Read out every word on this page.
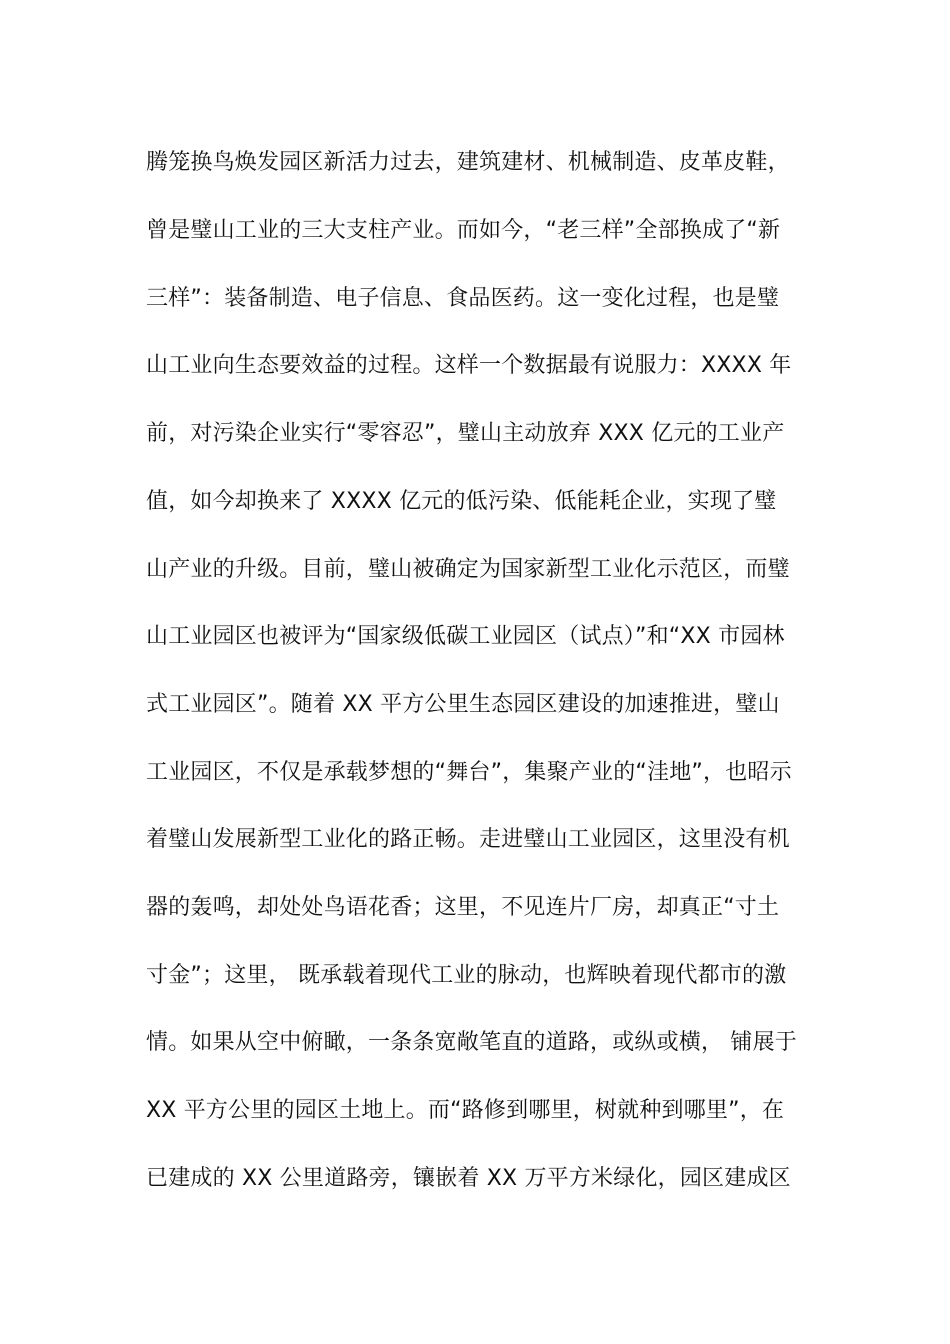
腾笼换鸟焕发园区新活力过去，建筑建材、机械制造、皮革皮鞋，
曾是璧山工业的三大支柱产业。而如今，“老三样”全部换成了“新
三样”：装备制造、电子信息、食品医药。这一变化过程，也是璧
山工业向生态要效益的过程。这样一个数据最有说服力：XXXX 年
前，对污染企业实行“零容忍”，璧山主动放弃 XXX 亿元的工业产
值，如今却换来了 XXXX 亿元的低污染、低能耗企业，实现了璧
山产业的升级。目前，璧山被确定为国家新型工业化示范区，而璧
山工业园区也被评为“国家级低碳工业园区（试点）”和“XX 市园林
式工业园区”。随着 XX 平方公里生态园区建设的加速推进，璧山
工业园区，不仅是承载梦想的“舞台”，集聚产业的“洼地”，也昭示
着璧山发展新型工业化的路正畅。走进璧山工业园区，这里没有机
器的轰鸣，却处处鸟语花香；这里，不见连片厂房，却真正“寸土
寸金”；这里， 既承载着现代工业的脉动，也辉映着现代都市的激
情。如果从空中俯瞰，一条条宽敞笔直的道路，或纵或横， 铺展于
XX 平方公里的园区土地上。而“路修到哪里，树就种到哪里”，在
已建成的 XX 公里道路旁，镶嵌着 XX 万平方米绿化，园区建成区
